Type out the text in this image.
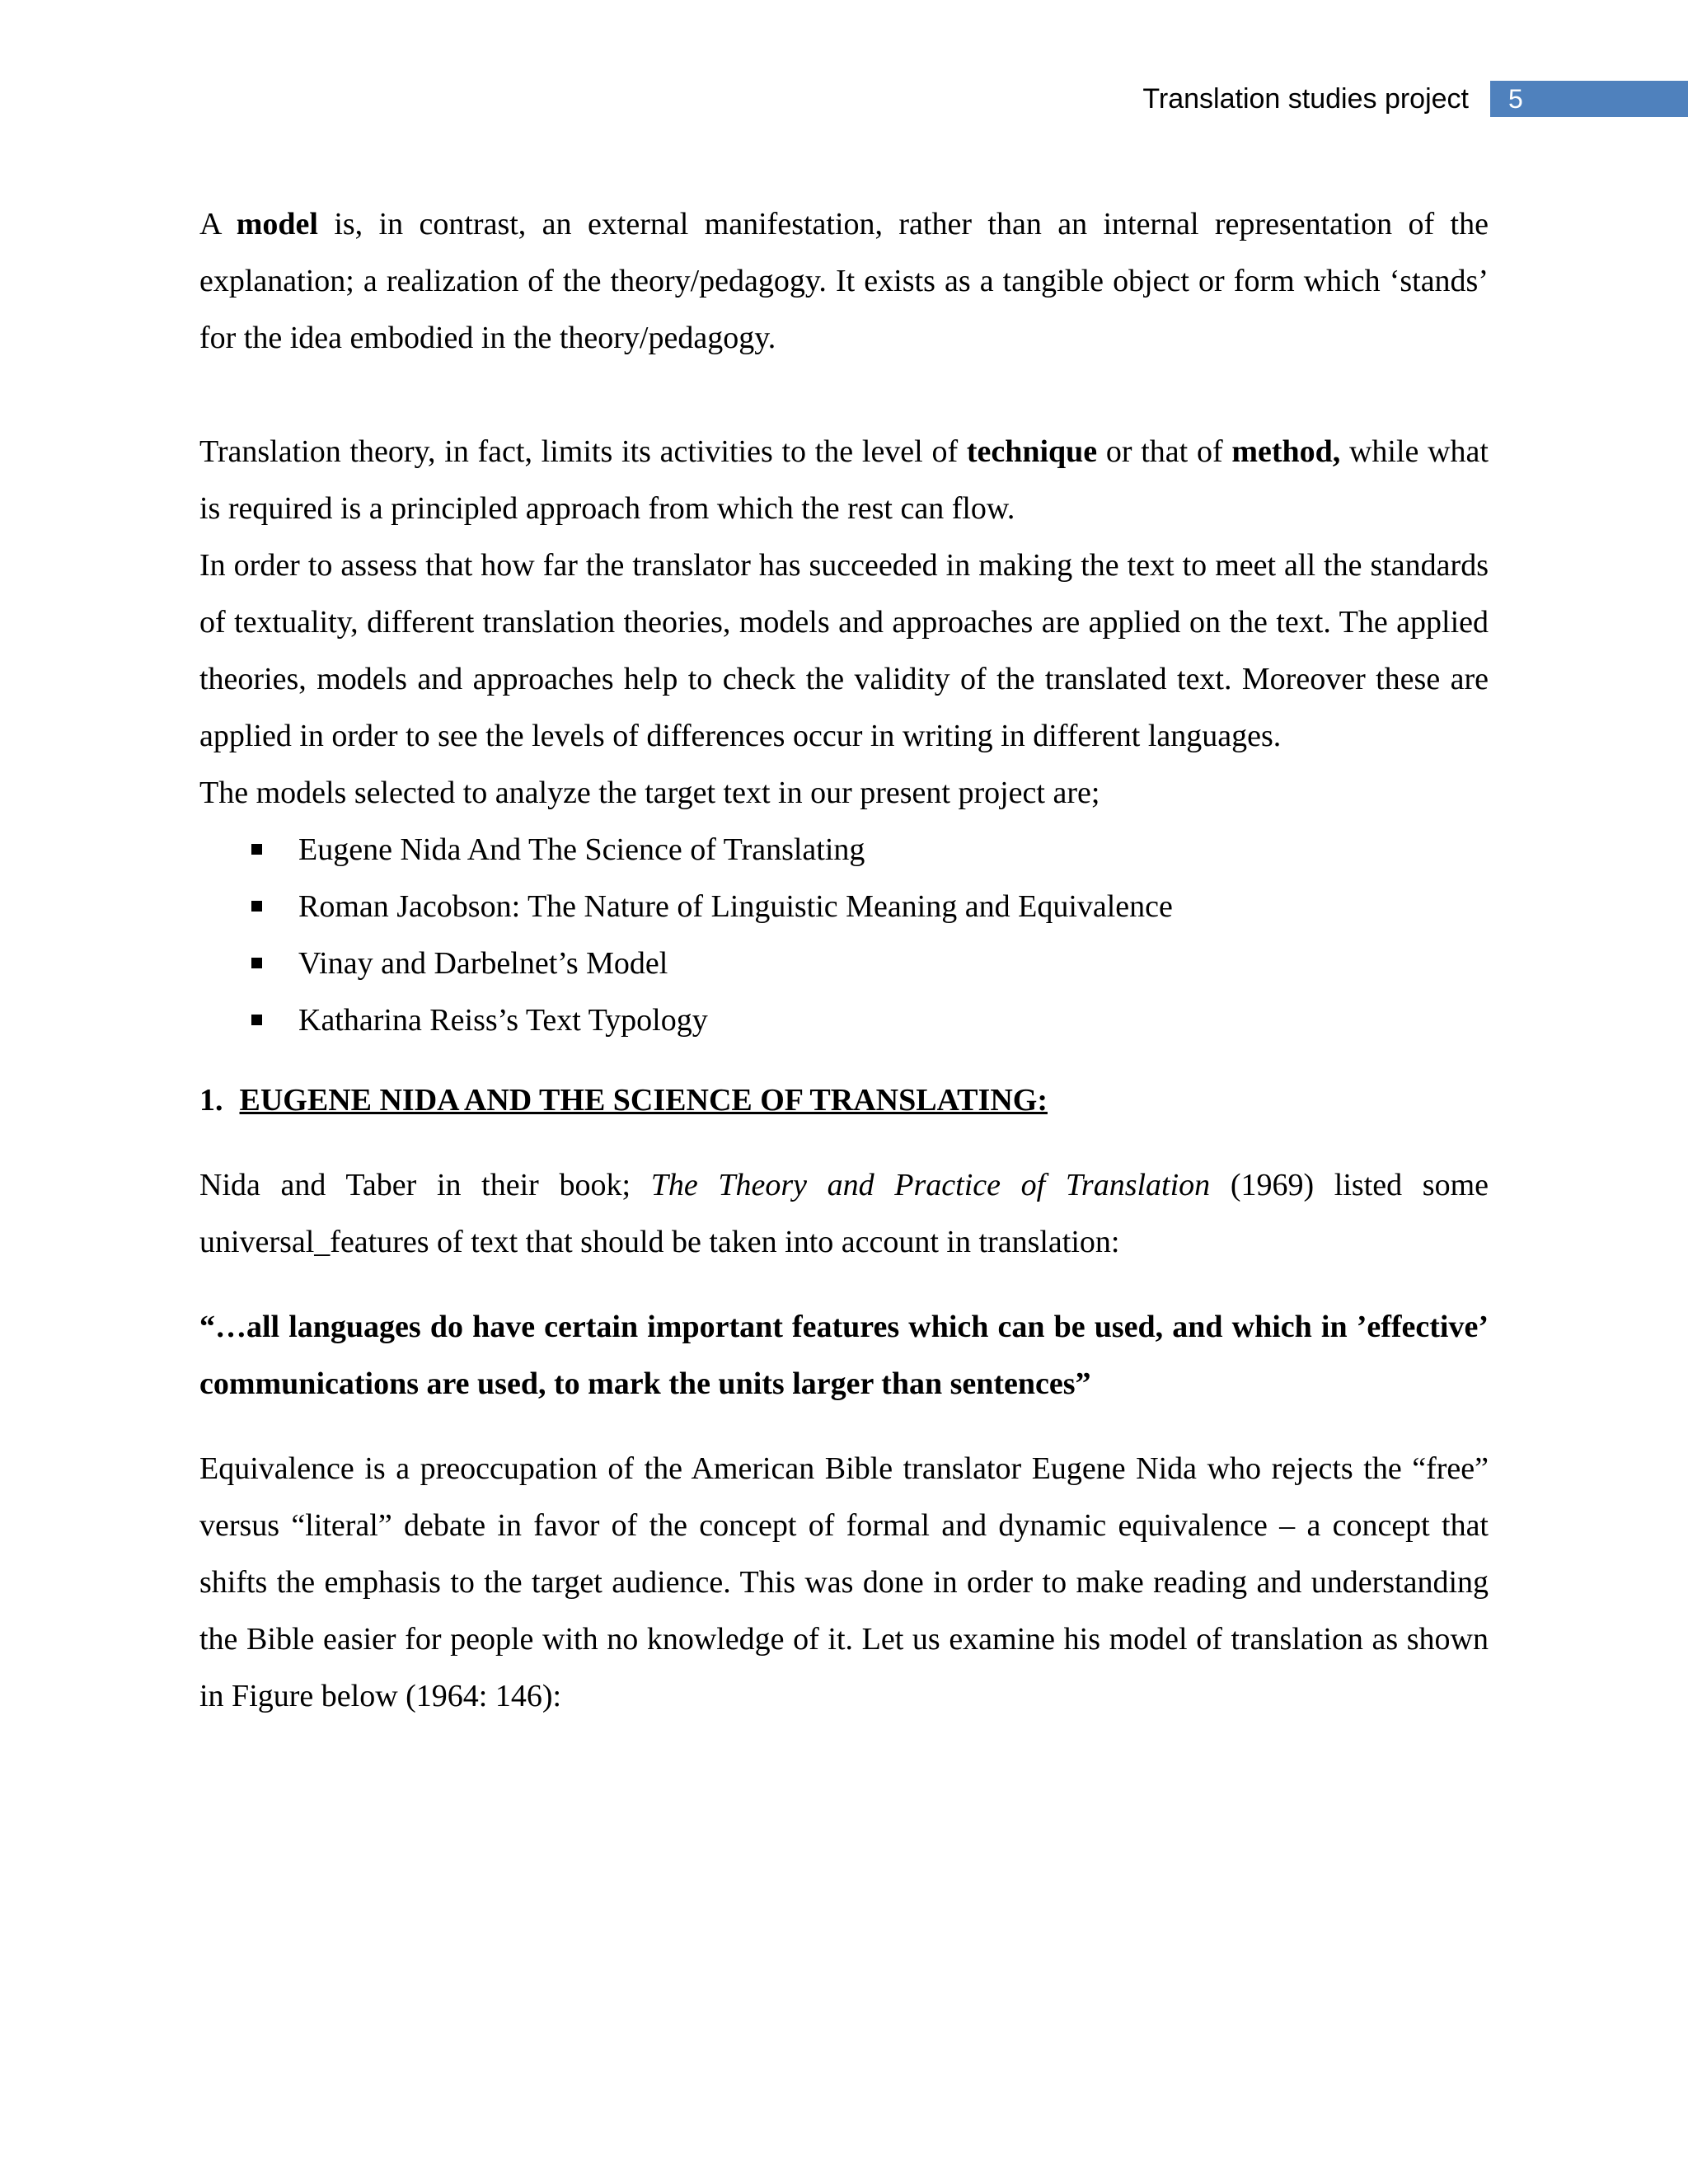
Translation studies project	5

A model is, in contrast, an external manifestation, rather than an internal representation of the explanation; a realization of the theory/pedagogy. It exists as a tangible object or form which ‘stands’ for the idea embodied in the theory/pedagogy.

Translation theory, in fact, limits its activities to the level of technique or that of method, while what is required is a principled approach from which the rest can flow.

In order to assess that how far the translator has succeeded in making the text to meet all the standards of textuality, different translation theories, models and approaches are applied on the text. The applied theories, models and approaches help to check the validity of the translated text. Moreover these are applied in order to see the levels of differences occur in writing in different languages.

The models selected to analyze the target text in our present project are;

Eugene Nida And The Science of Translating
Roman Jacobson: The Nature of Linguistic Meaning and Equivalence
Vinay and Darbelnet’s Model
Katharina Reiss’s Text Typology

1. EUGENE NIDA AND THE SCIENCE OF TRANSLATING:

Nida and Taber in their book; The Theory and Practice of Translation (1969) listed some universal_features of text that should be taken into account in translation:

“…all languages do have certain important features which can be used, and which in ’effective’ communications are used, to mark the units larger than sentences”

Equivalence is a preoccupation of the American Bible translator Eugene Nida who rejects the “free” versus “literal” debate in favor of the concept of formal and dynamic equivalence – a concept that shifts the emphasis to the target audience. This was done in order to make reading and understanding the Bible easier for people with no knowledge of it. Let us examine his model of translation as shown in Figure below (1964: 146):
